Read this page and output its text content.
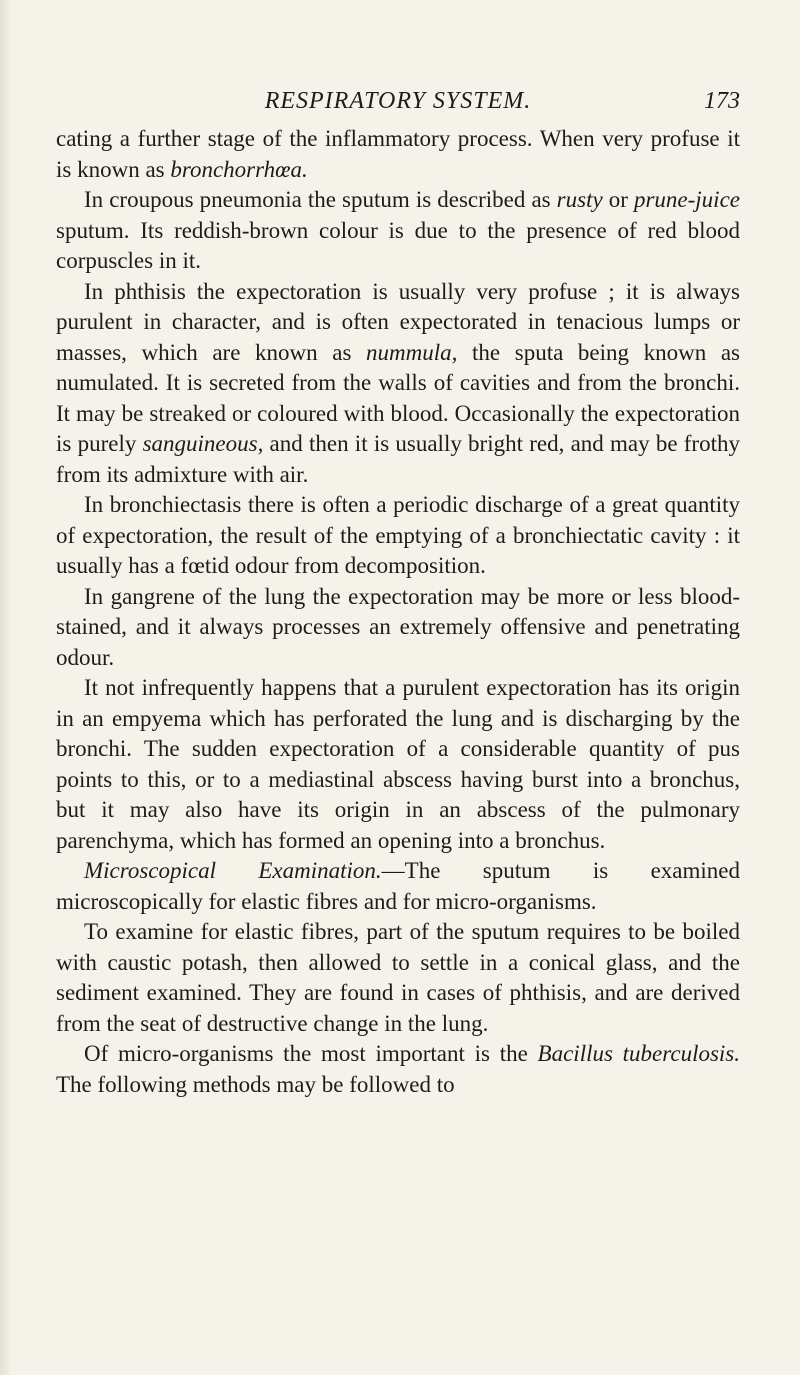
RESPIRATORY SYSTEM.	173

cating a further stage of the inflammatory process. When very profuse it is known as bronchorrhœa.

In croupous pneumonia the sputum is described as rusty or prune-juice sputum. Its reddish-brown colour is due to the presence of red blood corpuscles in it.

In phthisis the expectoration is usually very profuse ; it is always purulent in character, and is often expectorated in tenacious lumps or masses, which are known as nummula, the sputa being known as numulated. It is secreted from the walls of cavities and from the bronchi. It may be streaked or coloured with blood. Occasionally the expectoration is purely sanguineous, and then it is usually bright red, and may be frothy from its admixture with air.

In bronchiectasis there is often a periodic discharge of a great quantity of expectoration, the result of the emptying of a bronchiectatic cavity : it usually has a fœtid odour from decomposition.

In gangrene of the lung the expectoration may be more or less blood-stained, and it always processes an extremely offensive and penetrating odour.

It not infrequently happens that a purulent expectoration has its origin in an empyema which has perforated the lung and is discharging by the bronchi. The sudden expectoration of a considerable quantity of pus points to this, or to a mediastinal abscess having burst into a bronchus, but it may also have its origin in an abscess of the pulmonary parenchyma, which has formed an opening into a bronchus.

Microscopical Examination.—The sputum is examined microscopically for elastic fibres and for micro-organisms.

To examine for elastic fibres, part of the sputum requires to be boiled with caustic potash, then allowed to settle in a conical glass, and the sediment examined. They are found in cases of phthisis, and are derived from the seat of destructive change in the lung.

Of micro-organisms the most important is the Bacillus tuberculosis. The following methods may be followed to
